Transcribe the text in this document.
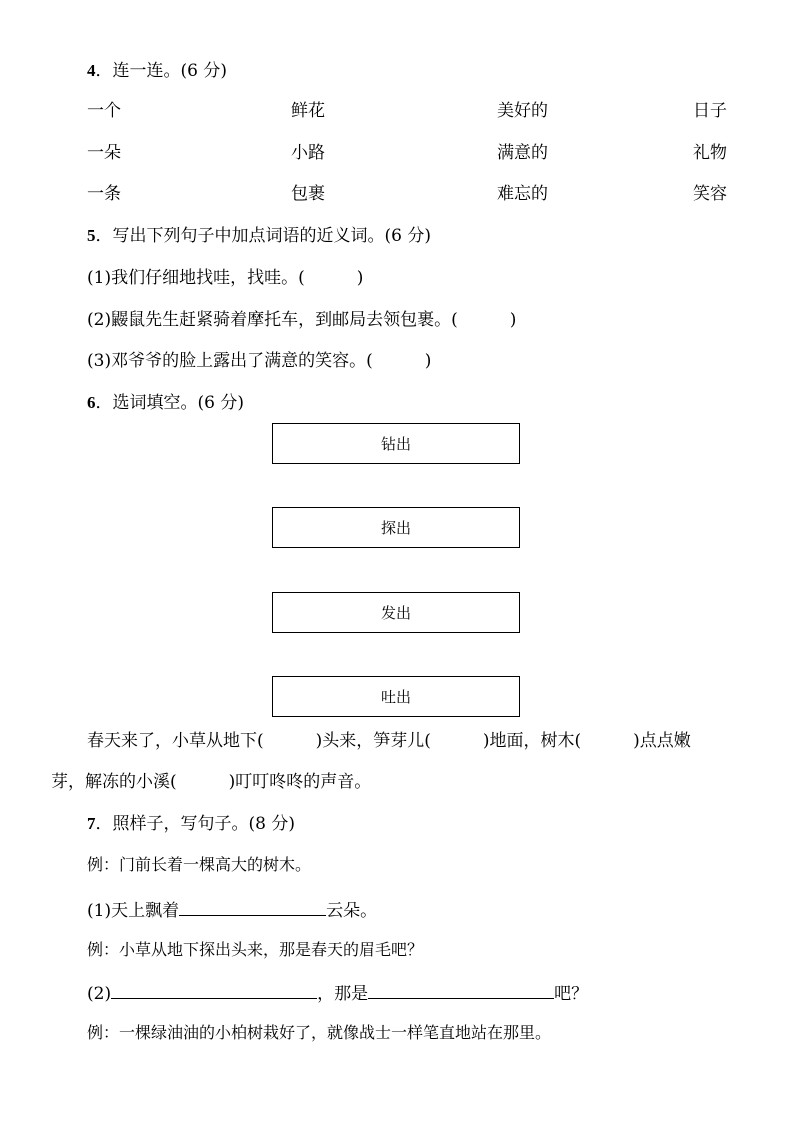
4．连一连。(6 分)
一个	鲜花	美好的	日子
一朵	小路	满意的	礼物
一条	包裹	难忘的	笑容
5．写出下列句子中加点词语的近义词。(6 分)
(1)我们仔细地找哇，找哇。(	)
(2)鼹鼠先生赶紧骑着摩托车，到邮局去领包裹。(	)
(3)邓爷爷的脸上露出了满意的笑容。(	)
6．选词填空。(6 分)
钻出
探出
发出
吐出
春天来了，小草从地下(	)头来，笋芽儿(	)地面，树木(	)点点嫩
芽，解冻的小溪(	)叮叮咚咚的声音。
7．照样子，写句子。(8 分)
例：门前长着一棵高大的树木。
(1)天上飘着	云朵。
例：小草从地下探出头来，那是春天的眉毛吧？
(2)	，那是	吧？
例：一棵绿油油的小柏树栽好了，就像战士一样笔直地站在那里。
